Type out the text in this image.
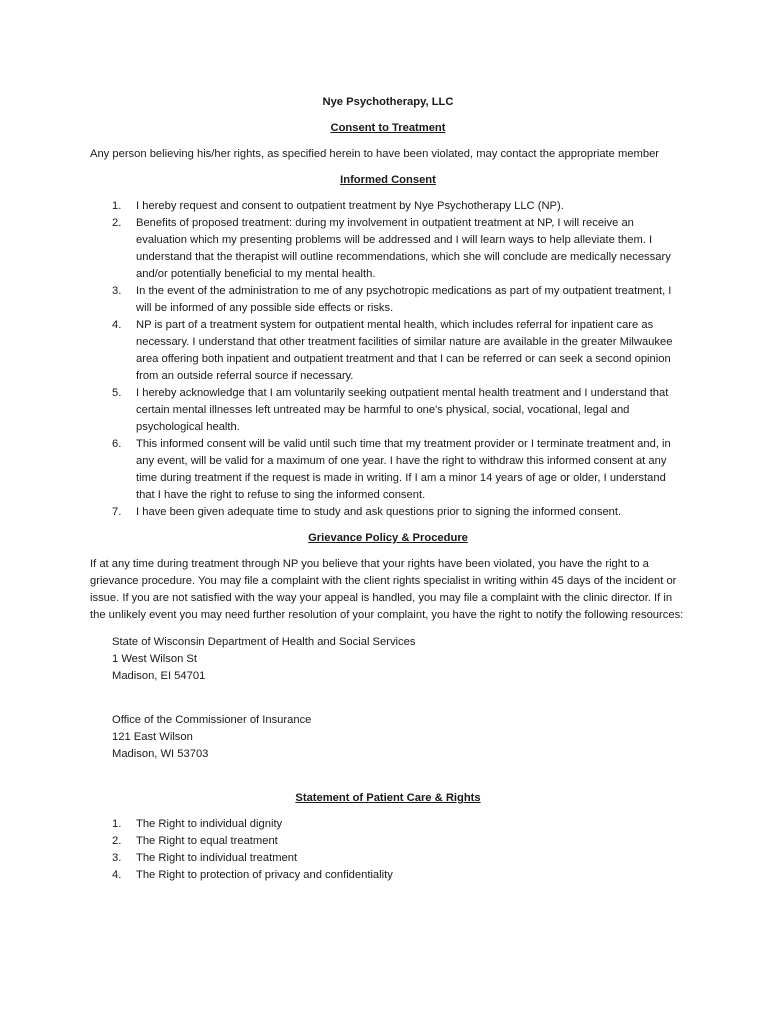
Nye Psychotherapy, LLC
Consent to Treatment

Any person believing his/her rights, as specified herein to have been violated, may contact the appropriate member

Informed Consent
1. I hereby request and consent to outpatient treatment by Nye Psychotherapy LLC (NP).
2. Benefits of proposed treatment: during my involvement in outpatient treatment at NP, I will receive an evaluation which my presenting problems will be addressed and I will learn ways to help alleviate them. I understand that the therapist will outline recommendations, which she will conclude are medically necessary and/or potentially beneficial to my mental health.
3. In the event of the administration to me of any psychotropic medications as part of my outpatient treatment, I will be informed of any possible side effects or risks.
4. NP is part of a treatment system for outpatient mental health, which includes referral for inpatient care as necessary. I understand that other treatment facilities of similar nature are available in the greater Milwaukee area offering both inpatient and outpatient treatment and that I can be referred or can seek a second opinion from an outside referral source if necessary.
5. I hereby acknowledge that I am voluntarily seeking outpatient mental health treatment and I understand that certain mental illnesses left untreated may be harmful to one's physical, social, vocational, legal and psychological health.
6. This informed consent will be valid until such time that my treatment provider or I terminate treatment and, in any event, will be valid for a maximum of one year. I have the right to withdraw this informed consent at any time during treatment if the request is made in writing. If I am a minor 14 years of age or older, I understand that I have the right to refuse to sing the informed consent.
7. I have been given adequate time to study and ask questions prior to signing the informed consent.
Grievance Policy & Procedure

If at any time during treatment through NP you believe that your rights have been violated, you have the right to a grievance procedure. You may file a complaint with the client rights specialist in writing within 45 days of the incident or issue. If you are not satisfied with the way your appeal is handled, you may file a complaint with the clinic director. If in the unlikely event you may need further resolution of your complaint, you have the right to notify the following resources:

State of Wisconsin Department of Health and Social Services
1 West Wilson St
Madison, EI 54701
Office of the Commissioner of Insurance
121 East Wilson
Madison, WI 53703
Statement of Patient Care & Rights
1. The Right to individual dignity
2. The Right to equal treatment
3. The Right to individual treatment
4. The Right to protection of privacy and confidentiality
